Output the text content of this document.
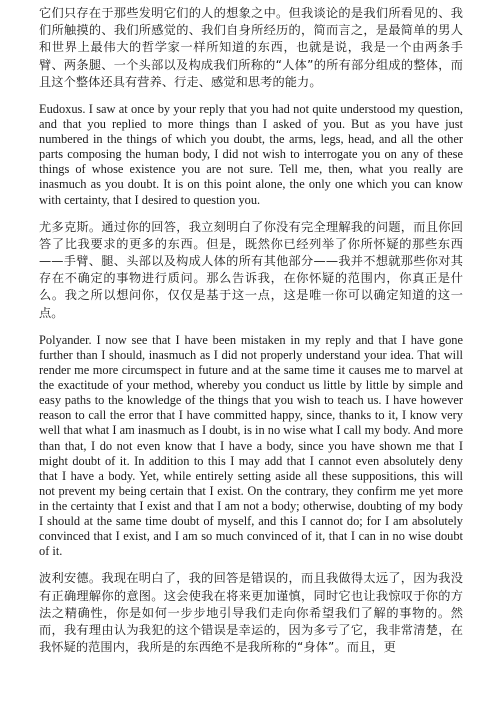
它们只存在于那些发明它们的人的想象之中。但我谈论的是我们所看见的、我们所触摸的、我们所感觉的、我们自身所经历的，简而言之，是最简单的男人和世界上最伟大的哲学家一样所知道的东西，也就是说，我是一个由两条手臂、两条腿、一个头部以及构成我们所称的“人体”的所有部分组成的整体，而且这个整体还具有营养、行走、感觉和思考的能力。

Eudoxus. I saw at once by your reply that you had not quite understood my question, and that you replied to more things than I asked of you. But as you have just numbered in the things of which you doubt, the arms, legs, head, and all the other parts composing the human body, I did not wish to interrogate you on any of these things of whose existence you are not sure. Tell me, then, what you really are inasmuch as you doubt. It is on this point alone, the only one which you can know with certainty, that I desired to question you.

尤多克斯。通过你的回答，我立刻明白了你没有完全理解我的问题，而且你回答了比我要求的更多的东西。但是，既然你已经列举了你所怀疑的那些东西——手臂、腿、头部以及构成人体的所有其他部分——我并不想就那些你对其存在不确定的事物进行质问。那么告诉我，在你怀疑的范围内，你真正是什么。我之所以想问你，仅仅是基于这一点，这是唯一你可以确定知道的这一点。

Polyander. I now see that I have been mistaken in my reply and that I have gone further than I should, inasmuch as I did not properly understand your idea. That will render me more circumspect in future and at the same time it causes me to marvel at the exactitude of your method, whereby you conduct us little by little by simple and easy paths to the knowledge of the things that you wish to teach us. I have however reason to call the error that I have committed happy, since, thanks to it, I know very well that what I am inasmuch as I doubt, is in no wise what I call my body. And more than that, I do not even know that I have a body, since you have shown me that I might doubt of it. In addition to this I may add that I cannot even absolutely deny that I have a body. Yet, while entirely setting aside all these suppositions, this will not prevent my being certain that I exist. On the contrary, they confirm me yet more in the certainty that I exist and that I am not a body; otherwise, doubting of my body I should at the same time doubt of myself, and this I cannot do; for I am absolutely convinced that I exist, and I am so much convinced of it, that I can in no wise doubt of it.

波利安德。我现在明白了，我的回答是错误的，而且我做得太远了，因为我没有正确理解你的意图。这会使我在将来更加谨慎，同时它也让我惊叹于你的方法之精确性，你是如何一步步地引导我们走向你希望我们了解的事物的。然而，我有理由认为我犯的这个错误是幸运的，因为多亏了它，我非常清楚，在我怀疑的范围内，我所是的东西绝不是我所称的“身体”。而且，更
